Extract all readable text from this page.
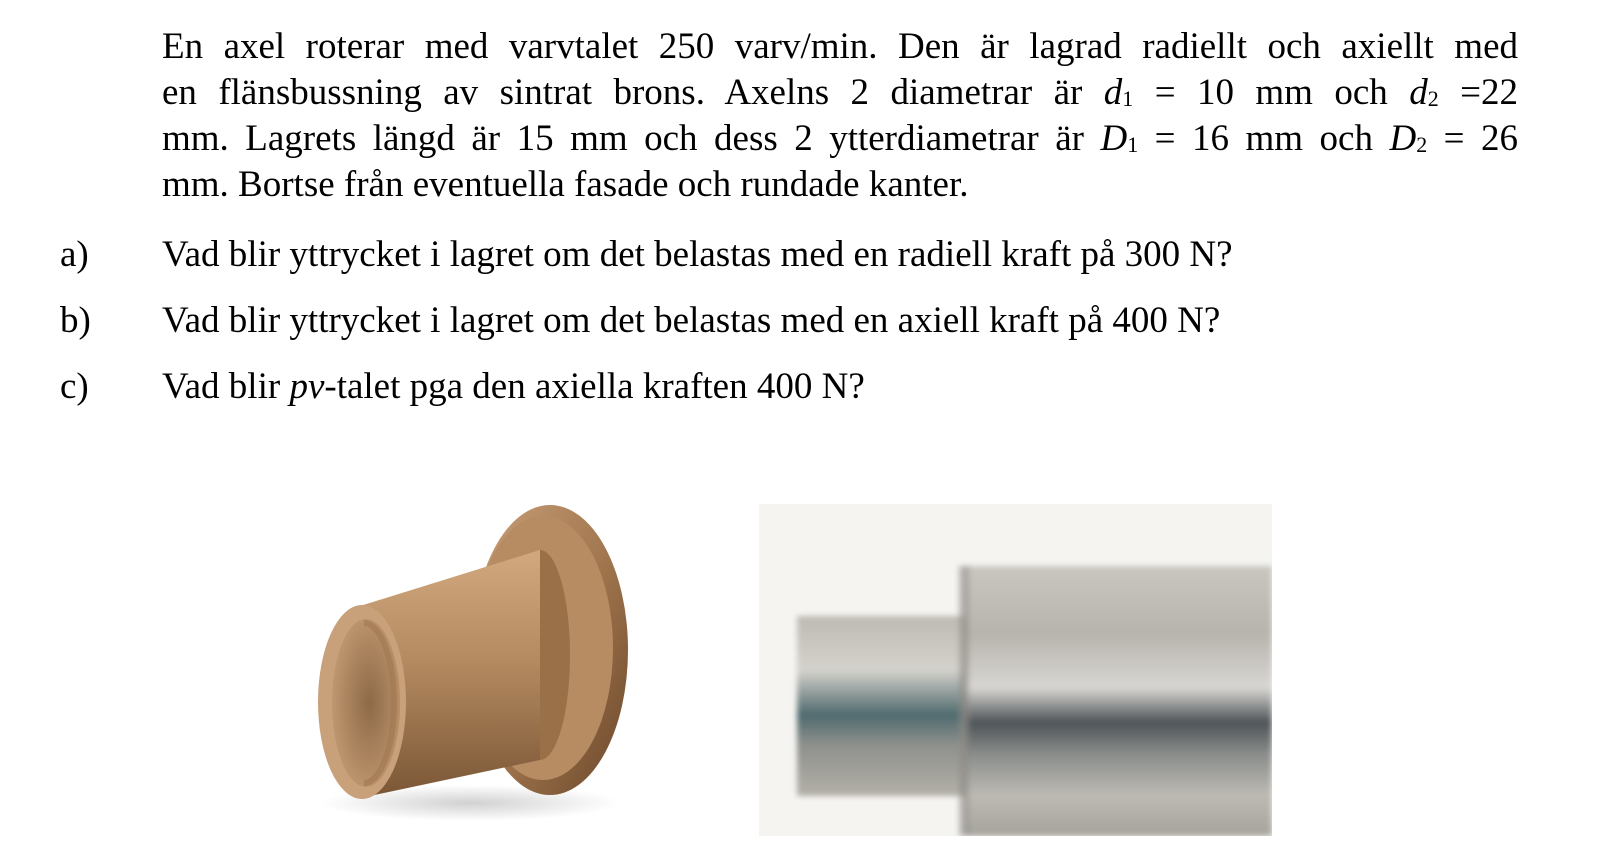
En axel roterar med varvtalet 250 varv/min. Den är lagrad radiellt och axiellt med
en flänsbussning av sintrat brons. Axelns 2 diametrar är $d_1 = 10$ mm och $d_2 =22$
mm. Lagrets längd är 15 mm och dess 2 ytterdiametrar är $D_1 = 16$ mm och $D_2 = 26$
mm. Bortse från eventuella fasade och rundade kanter.
a)	Vad blir yttrycket i lagret om det belastas med en radiell kraft på 300 N?
b)	Vad blir yttrycket i lagret om det belastas med en axiell kraft på 400 N?
c)	Vad blir pv-talet pga den axiella kraften 400 N?
